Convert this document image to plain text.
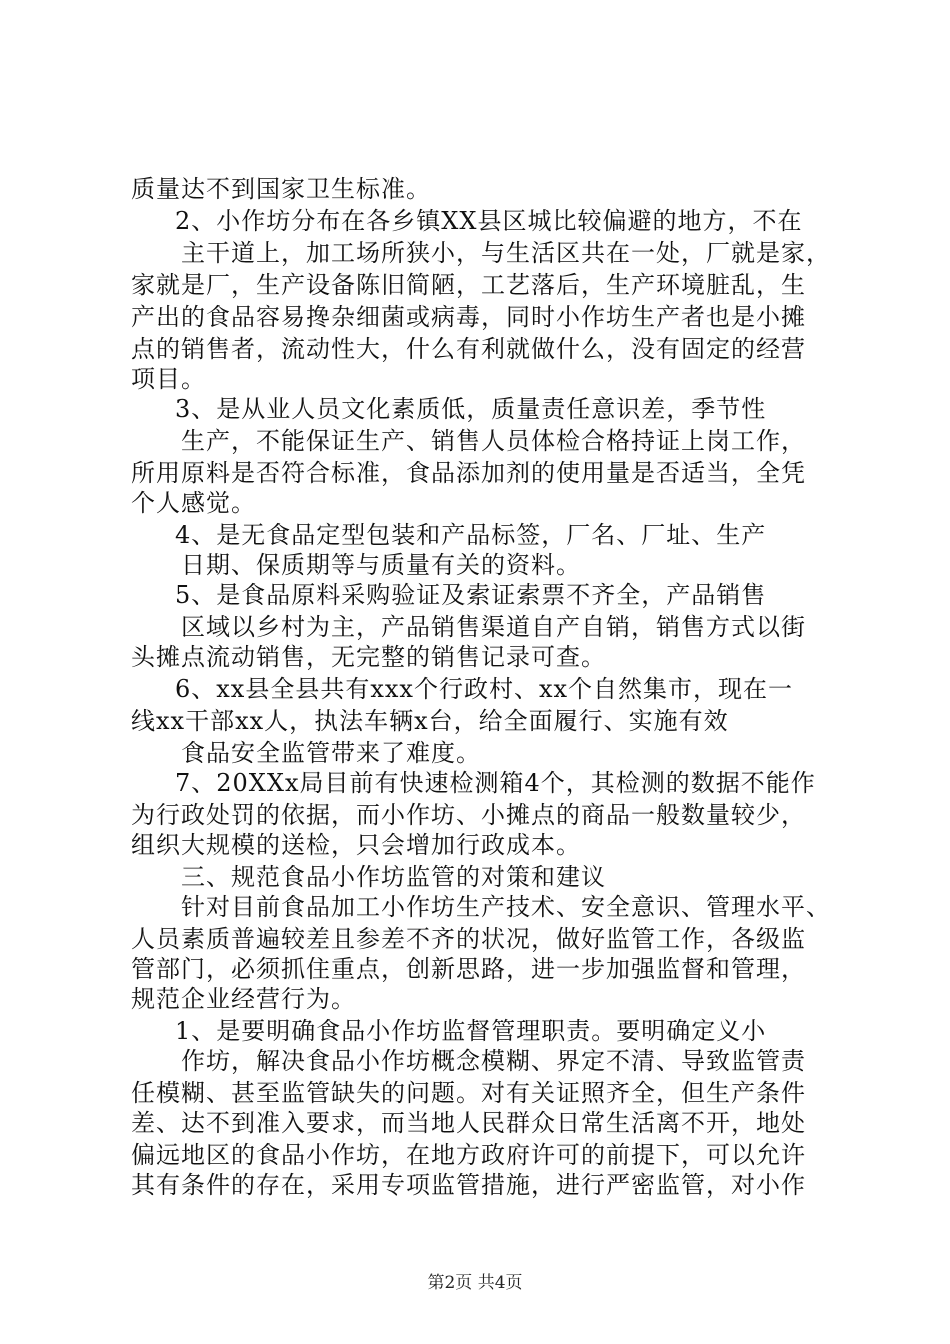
质量达不到国家卫生标准。
2、小作坊分布在各乡镇XX县区城比较偏避的地方，不在
主干道上，加工场所狭小，与生活区共在一处，厂就是家，
家就是厂，生产设备陈旧简陋，工艺落后，生产环境脏乱，生
产出的食品容易搀杂细菌或病毒，同时小作坊生产者也是小摊
点的销售者，流动性大，什么有利就做什么，没有固定的经营
项目。
3、是从业人员文化素质低，质量责任意识差，季节性
生产，不能保证生产、销售人员体检合格持证上岗工作，
所用原料是否符合标准，食品添加剂的使用量是否适当，全凭
个人感觉。
4、是无食品定型包装和产品标签，厂名、厂址、生产
日期、保质期等与质量有关的资料。
5、是食品原料采购验证及索证索票不齐全，产品销售
区域以乡村为主，产品销售渠道自产自销，销售方式以街
头摊点流动销售，无完整的销售记录可查。
6、xx县全县共有xxx个行政村、xx个自然集市，现在一
线xx干部xx人，执法车辆x台，给全面履行、实施有效
食品安全监管带来了难度。
7、20XXx局目前有快速检测箱4个，其检测的数据不能作
为行政处罚的依据，而小作坊、小摊点的商品一般数量较少，
组织大规模的送检，只会增加行政成本。
三、规范食品小作坊监管的对策和建议
针对目前食品加工小作坊生产技术、安全意识、管理水平、
人员素质普遍较差且参差不齐的状况，做好监管工作，各级监
管部门，必须抓住重点，创新思路，进一步加强监督和管理，
规范企业经营行为。
1、是要明确食品小作坊监督管理职责。要明确定义小
作坊，解决食品小作坊概念模糊、界定不清、导致监管责
任模糊、甚至监管缺失的问题。对有关证照齐全，但生产条件
差、达不到准入要求，而当地人民群众日常生活离不开，地处
偏远地区的食品小作坊，在地方政府许可的前提下，可以允许
其有条件的存在，采用专项监管措施，进行严密监管，对小作
第2页 共4页
